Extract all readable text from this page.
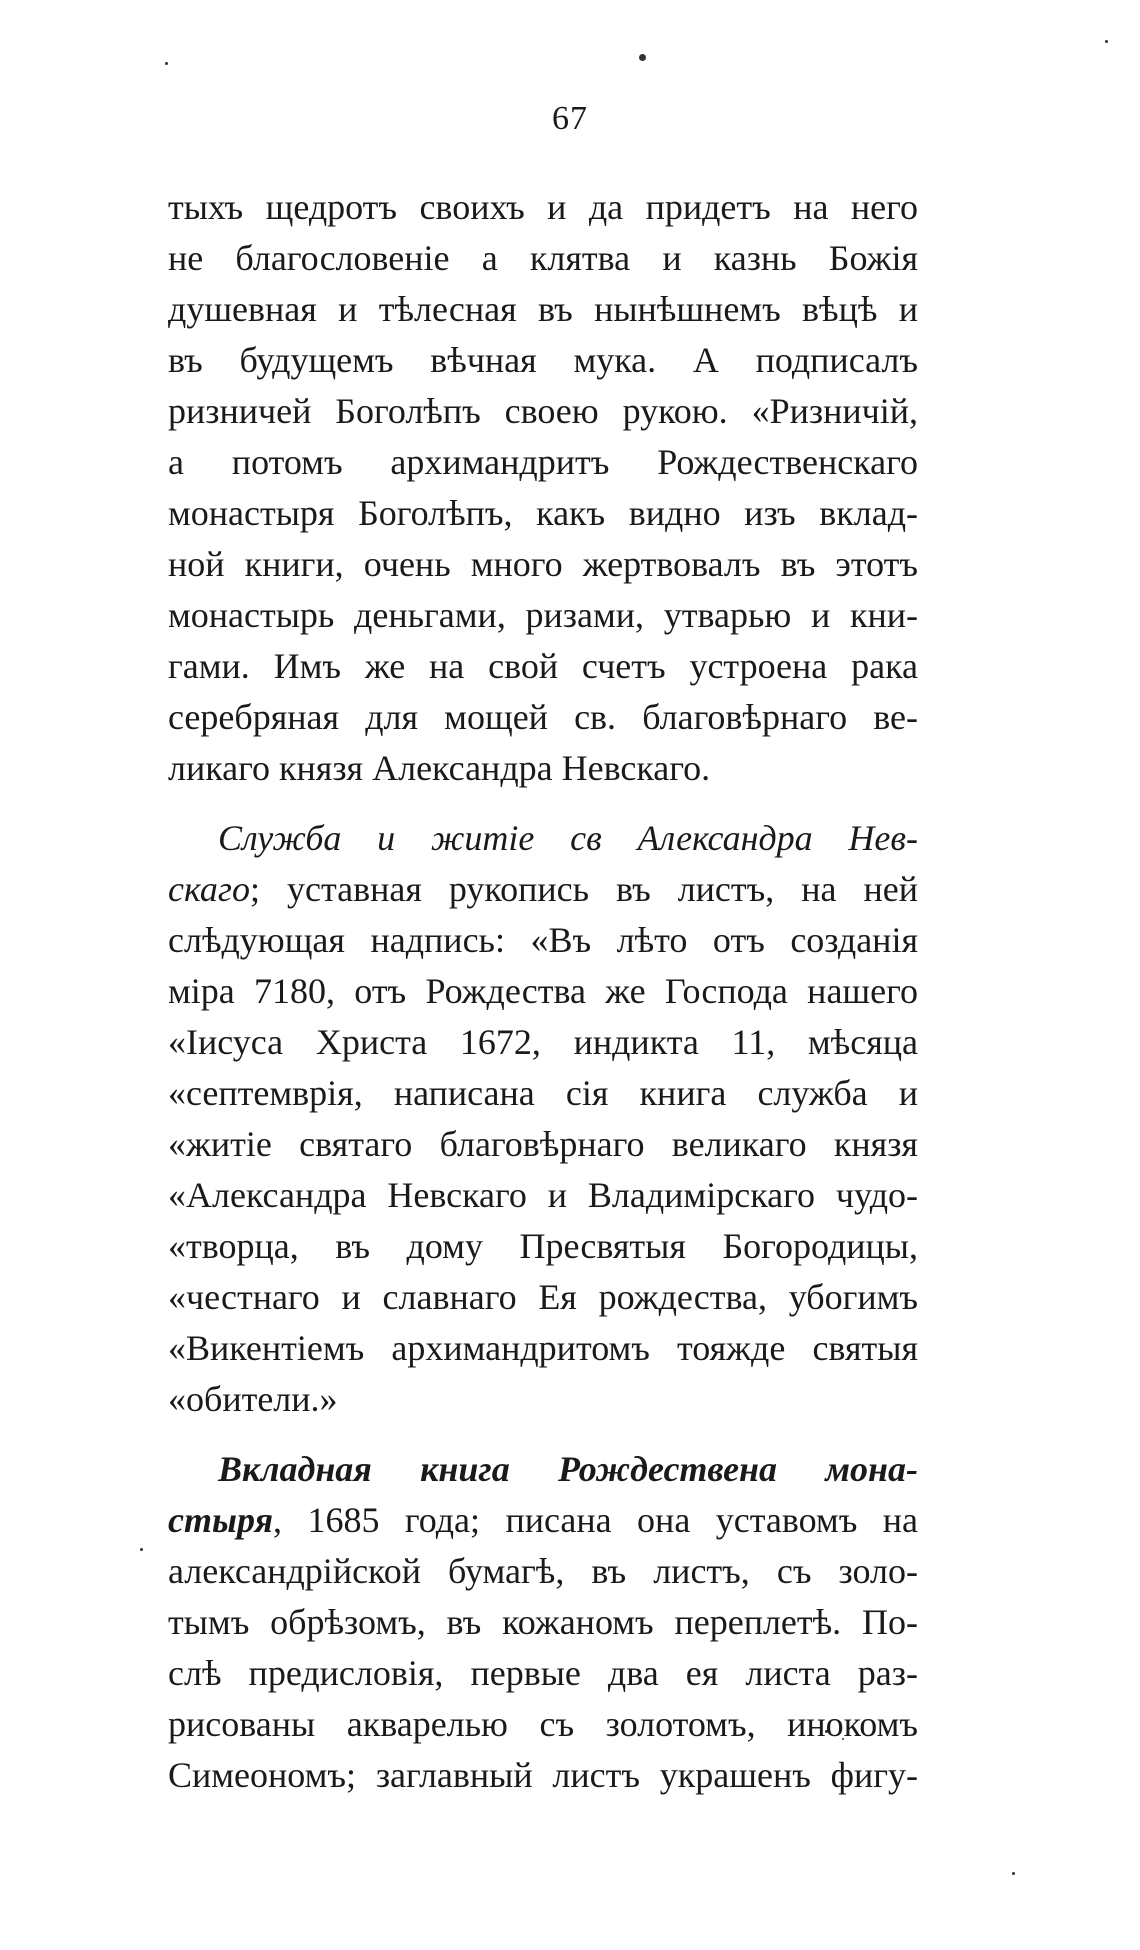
67
тыхъ щедротъ своихъ и да придетъ на него
не благословеніе а клятва и казнь Божія
душевная и тѣлесная въ нынѣшнемъ вѣцѣ и
въ будущемъ вѣчная мука. А подписалъ
ризничей Боголѣпъ своею рукою. «Ризничій,
а потомъ архимандритъ Рождественскаго
монастыря Боголѣпъ, какъ видно изъ вклад-
ной книги, очень много жертвовалъ въ этотъ
монастырь деньгами, ризами, утварью и кни-
гами. Имъ же на свой счетъ устроена рака
серебряная для мощей св. благовѣрнаго ве-
ликаго князя Александра Невскаго.
Служба и житіе св Александра Нев-
скаго; уставная рукопись въ листъ, на ней
слѣдующая надпись: «Въ лѣто отъ созданія
міра 7180, отъ Рождества же Господа нашего
«Іисуса Христа 1672, индикта 11, мѣсяца
«септемврія, написана сія книга служба и
«житіе святаго благовѣрнаго великаго князя
«Александра Невскаго и Владимірскаго чудо-
«творца, въ дому Пресвятыя Богородицы,
«честнаго и славнаго Ея рождества, убогимъ
«Викентіемъ архимандритомъ тояжде святыя
«обители.»
Вкладная книга Рождествена мона-
стыря, 1685 года; писана она уставомъ на
александрійской бумагѣ, въ листъ, съ золо-
тымъ обрѣзомъ, въ кожаномъ переплетѣ. По-
слѣ предисловія, первые два ея листа раз-
рисованы акварелью съ золотомъ, инокомъ
Симеономъ; заглавный листъ украшенъ фигу-
